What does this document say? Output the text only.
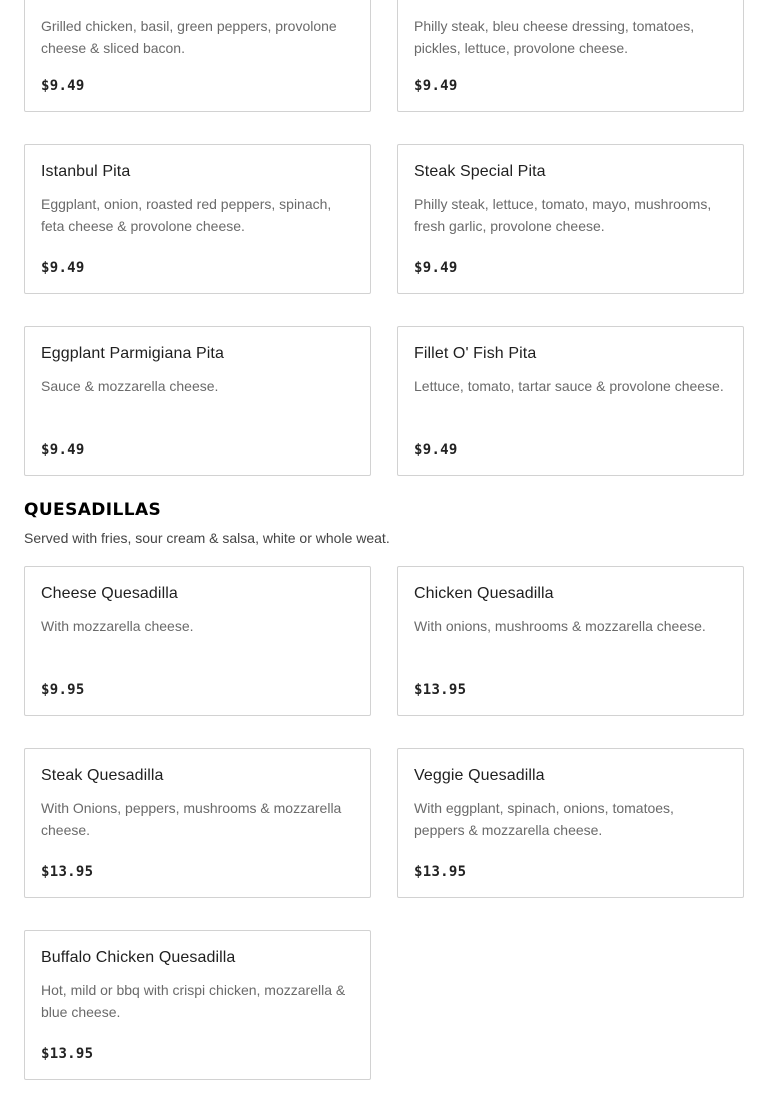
Grilled chicken, basil, green peppers, provolone cheese & sliced bacon.
$9.49
Philly steak, bleu cheese dressing, tomatoes, pickles, lettuce, provolone cheese.
$9.49
Istanbul Pita
Eggplant, onion, roasted red peppers, spinach, feta cheese & provolone cheese.
$9.49
Steak Special Pita
Philly steak, lettuce, tomato, mayo, mushrooms, fresh garlic, provolone cheese.
$9.49
Eggplant Parmigiana Pita
Sauce & mozzarella cheese.
$9.49
Fillet O' Fish Pita
Lettuce, tomato, tartar sauce & provolone cheese.
$9.49
QUESADILLAS
Served with fries, sour cream & salsa, white or whole weat.
Cheese Quesadilla
With mozzarella cheese.
$9.95
Chicken Quesadilla
With onions, mushrooms & mozzarella cheese.
$13.95
Steak Quesadilla
With Onions, peppers, mushrooms & mozzarella cheese.
$13.95
Veggie Quesadilla
With eggplant, spinach, onions, tomatoes, peppers & mozzarella cheese.
$13.95
Buffalo Chicken Quesadilla
Hot, mild or bbq with crispi chicken, mozzarella & blue cheese.
$13.95
